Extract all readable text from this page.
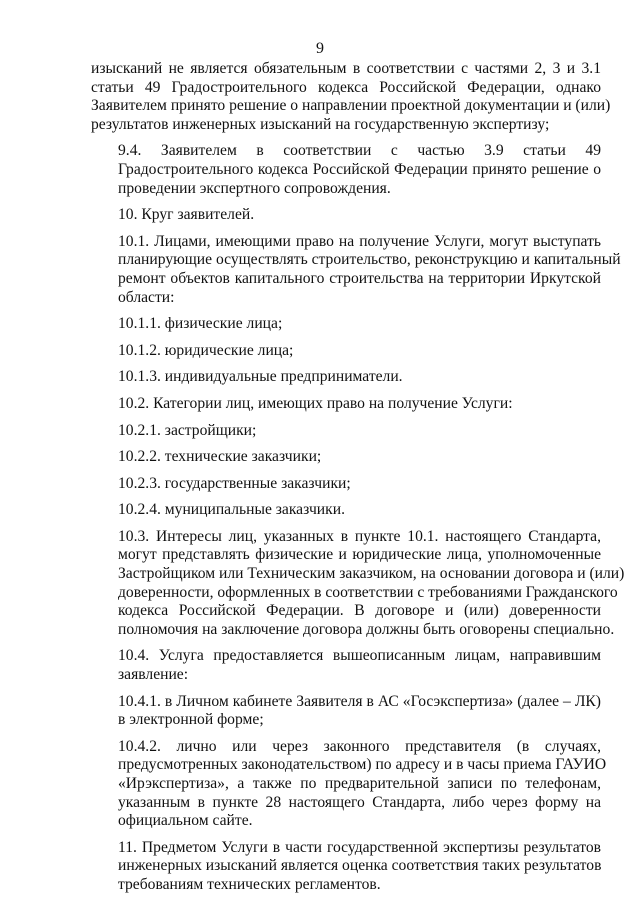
9
изысканий не является обязательным в соответствии с частями 2, 3 и 3.1
статьи 49 Градостроительного кодекса Российской Федерации, однако
Заявителем принято решение о направлении проектной документации и (или)
результатов инженерных изысканий на государственную экспертизу;
9.4. Заявителем в соответствии с частью 3.9 статьи 49
Градостроительного кодекса Российской Федерации принято решение о
проведении экспертного сопровождения.
10. Круг заявителей.
10.1. Лицами, имеющими право на получение Услуги, могут выступать
планирующие осуществлять строительство, реконструкцию и капитальный
ремонт объектов капитального строительства на территории Иркутской
области:
10.1.1. физические лица;
10.1.2. юридические лица;
10.1.3. индивидуальные предприниматели.
10.2. Категории лиц, имеющих право на получение Услуги:
10.2.1. застройщики;
10.2.2. технические заказчики;
10.2.3. государственные заказчики;
10.2.4. муниципальные заказчики.
10.3. Интересы лиц, указанных в пункте 10.1. настоящего Стандарта,
могут представлять физические и юридические лица, уполномоченные
Застройщиком или Техническим заказчиком, на основании договора и (или)
доверенности, оформленных в соответствии с требованиями Гражданского
кодекса Российской Федерации. В договоре и (или) доверенности
полномочия на заключение договора должны быть оговорены специально.
10.4. Услуга предоставляется вышеописанным лицам, направившим
заявление:
10.4.1. в Личном кабинете Заявителя в АС «Госэкспертиза» (далее – ЛК)
в электронной форме;
10.4.2. лично или через законного представителя (в случаях,
предусмотренных законодательством) по адресу и в часы приема ГАУИО
«Ирэкспертиза», а также по предварительной записи по телефонам,
указанным в пункте 28 настоящего Стандарта, либо через форму на
официальном сайте.
11. Предметом Услуги в части государственной экспертизы результатов
инженерных изысканий является оценка соответствия таких результатов
требованиям технических регламентов.
